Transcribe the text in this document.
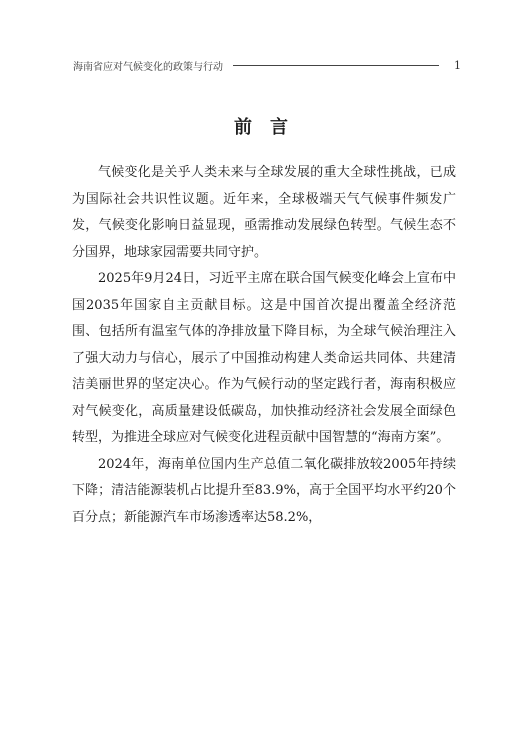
海南省应对气候变化的政策与行动	1
前言

气候变化是关乎人类未来与全球发展的重大全球性挑战，已成为国际社会共识性议题。近年来，全球极端天气气候事件频发广发，气候变化影响日益显现，亟需推动发展绿色转型。气候生态不分国界，地球家园需要共同守护。

2025年9月24日，习近平主席在联合国气候变化峰会上宣布中国2035年国家自主贡献目标。这是中国首次提出覆盖全经济范围、包括所有温室气体的净排放量下降目标，为全球气候治理注入了强大动力与信心，展示了中国推动构建人类命运共同体、共建清洁美丽世界的坚定决心。作为气候行动的坚定践行者，海南积极应对气候变化，高质量建设低碳岛，加快推动经济社会发展全面绿色转型，为推进全球应对气候变化进程贡献中国智慧的“海南方案”。

2024年，海南单位国内生产总值二氧化碳排放较2005年持续下降；清洁能源装机占比提升至83.9%，高于全国平均水平约20个百分点；新能源汽车市场渗透率达58.2%，
